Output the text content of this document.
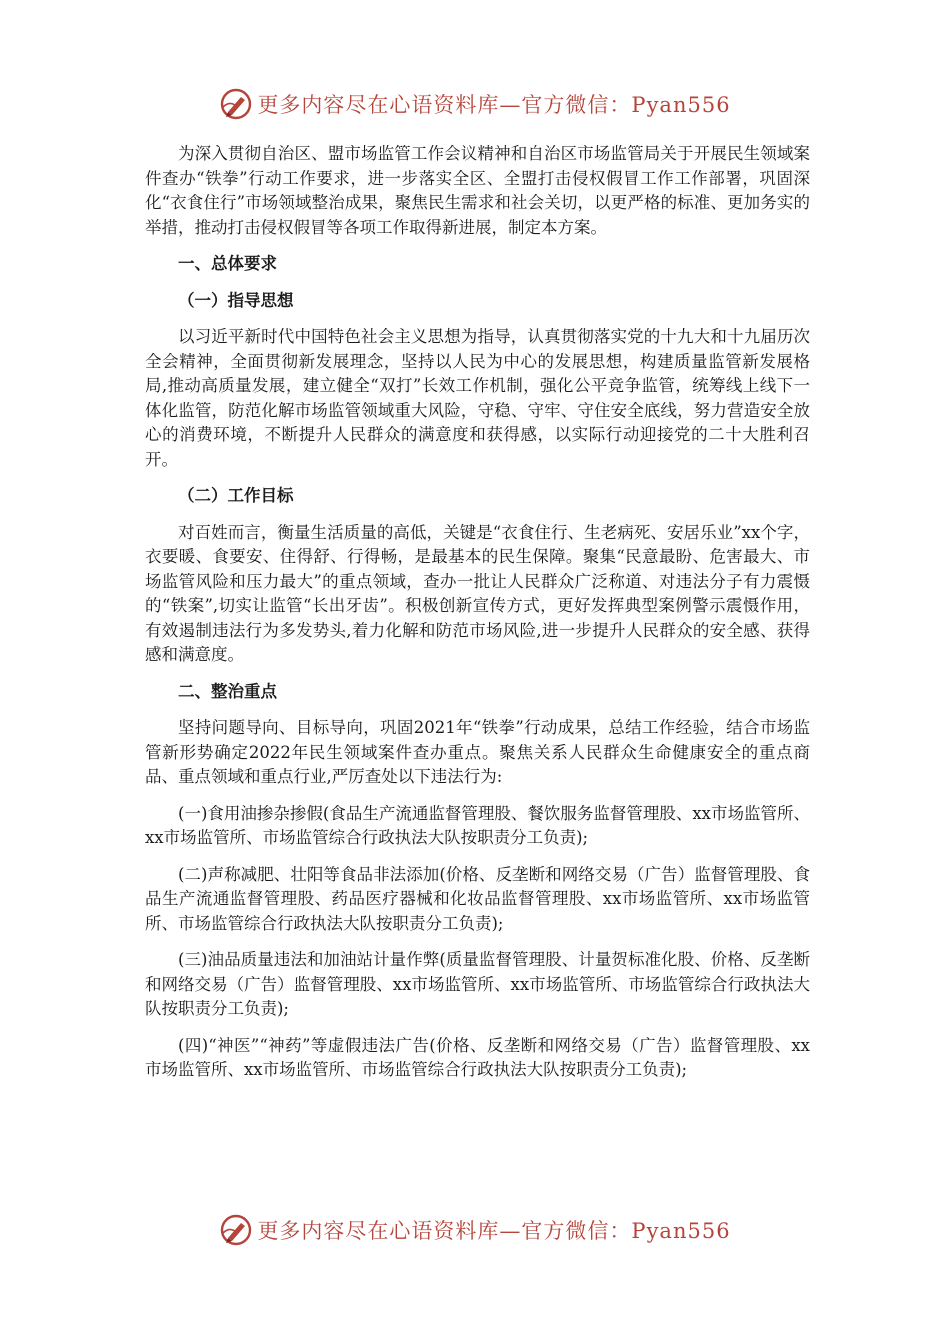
更多内容尽在心语资料库—官方微信：Pyan556

为深入贯彻自治区、盟市场监管工作会议精神和自治区市场监管局关于开展民生领域案件查办“铁拳”行动工作要求，进一步落实全区、全盟打击侵权假冒工作工作部署，巩固深化“衣食住行”市场领域整治成果，聚焦民生需求和社会关切，以更严格的标准、更加务实的举措，推动打击侵权假冒等各项工作取得新进展，制定本方案。

一、总体要求

（一）指导思想

以习近平新时代中国特色社会主义思想为指导，认真贯彻落实党的十九大和十九届历次全会精神，全面贯彻新发展理念，坚持以人民为中心的发展思想，构建质量监管新发展格局,推动高质量发展，建立健全“双打”长效工作机制，强化公平竞争监管，统筹线上线下一体化监管，防范化解市场监管领域重大风险，守稳、守牢、守住安全底线，努力营造安全放心的消费环境，不断提升人民群众的满意度和获得感，以实际行动迎接党的二十大胜利召开。

（二）工作目标

对百姓而言，衡量生活质量的高低，关键是“衣食住行、生老病死、安居乐业”xx个字，衣要暖、食要安、住得舒、行得畅，是最基本的民生保障。聚集“民意最盼、危害最大、市场监管风险和压力最大”的重点领域，查办一批让人民群众广泛称道、对违法分子有力震慑的“铁案”,切实让监管“长出牙齿”。积极创新宣传方式，更好发挥典型案例警示震慑作用，有效遏制违法行为多发势头,着力化解和防范市场风险,进一步提升人民群众的安全感、获得感和满意度。

二、整治重点

坚持问题导向、目标导向，巩固2021年“铁拳”行动成果，总结工作经验，结合市场监管新形势确定2022年民生领域案件查办重点。聚焦关系人民群众生命健康安全的重点商品、重点领域和重点行业,严厉查处以下违法行为:

(一)食用油掺杂掺假(食品生产流通监督管理股、餐饮服务监督管理股、xx市场监管所、xx市场监管所、市场监管综合行政执法大队按职责分工负责);

(二)声称减肥、壮阳等食品非法添加(价格、反垄断和网络交易（广告）监督管理股、食品生产流通监督管理股、药品医疗器械和化妆品监督管理股、xx市场监管所、xx市场监管所、市场监管综合行政执法大队按职责分工负责);

(三)油品质量违法和加油站计量作弊(质量监督管理股、计量贺标准化股、价格、反垄断和网络交易（广告）监督管理股、xx市场监管所、xx市场监管所、市场监管综合行政执法大队按职责分工负责);

(四)“神医”“神药”等虚假违法广告(价格、反垄断和网络交易（广告）监督管理股、xx市场监管所、xx市场监管所、市场监管综合行政执法大队按职责分工负责);

更多内容尽在心语资料库—官方微信：Pyan556
